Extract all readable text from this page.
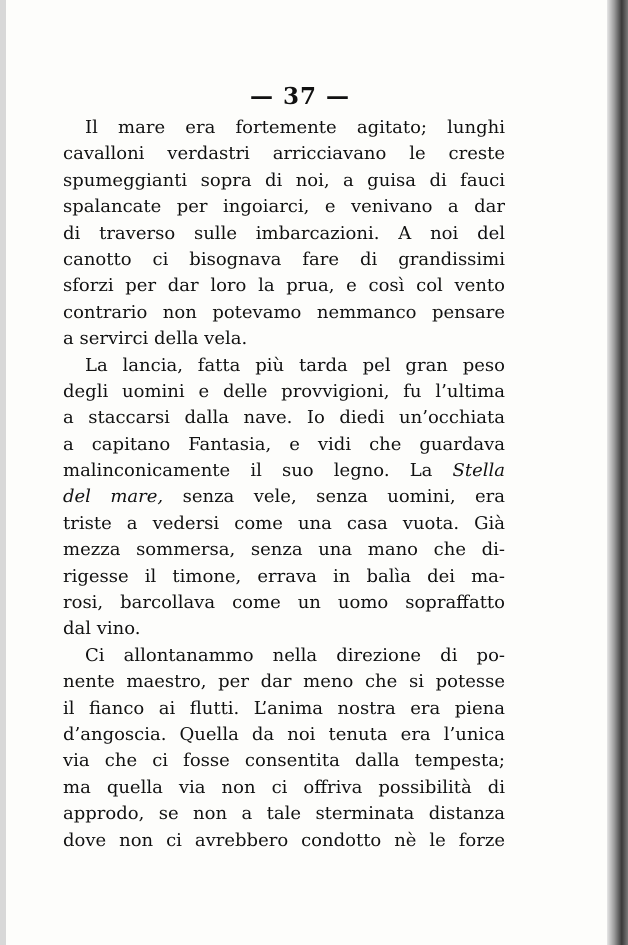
— 37 —
Il mare era fortemente agitato; lunghi
cavalloni verdastri arricciavano le creste
spumeggianti sopra di noi, a guisa di fauci
spalancate per ingoiarci, e venivano a dar
di traverso sulle imbarcazioni. A noi del
canotto ci bisognava fare di grandissimi
sforzi per dar loro la prua, e così col vento
contrario non potevamo nemmanco pensare
a servirci della vela.
La lancia, fatta più tarda pel gran peso
degli uomini e delle provvigioni, fu l’ultima
a staccarsi dalla nave. Io diedi un’occhiata
a capitano Fantasia, e vidi che guardava
malinconicamente il suo legno. La Stella
del mare, senza vele, senza uomini, era
triste a vedersi come una casa vuota. Già
mezza sommersa, senza una mano che di-
rigesse il timone, errava in balìa dei ma-
rosi, barcollava come un uomo sopraffatto
dal vino.
Ci allontanammo nella direzione di po-
nente maestro, per dar meno che si potesse
il fianco ai flutti. L’anima nostra era piena
d’angoscia. Quella da noi tenuta era l’unica
via che ci fosse consentita dalla tempesta;
ma quella via non ci offriva possibilità di
approdo, se non a tale sterminata distanza
dove non ci avrebbero condotto nè le forze
